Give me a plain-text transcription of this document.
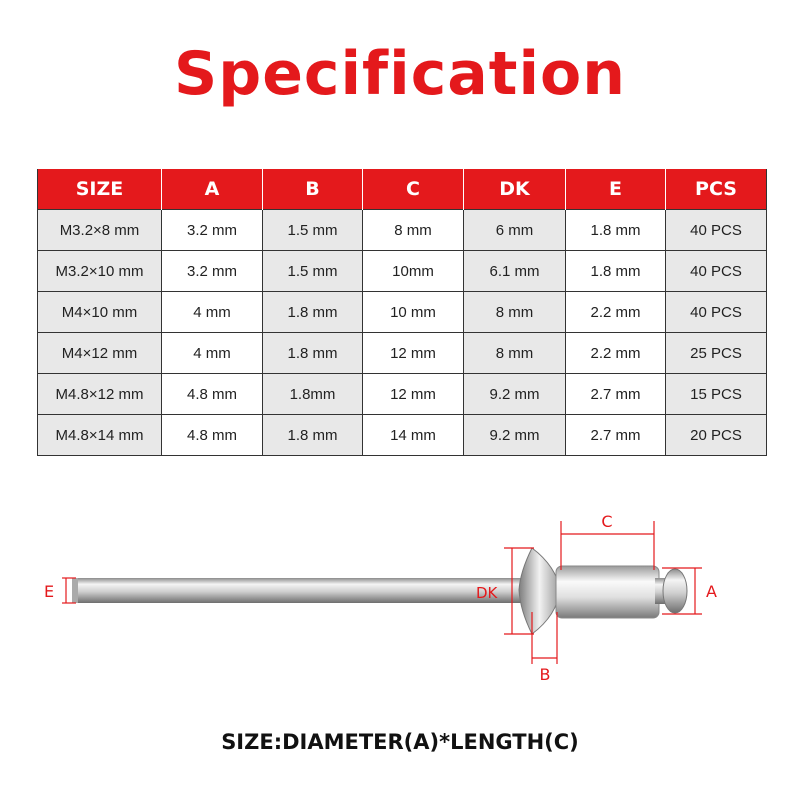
Specification
SIZE	A	B	C	DK	E	PCS
M3.2×8 mm	3.2 mm	1.5 mm	8 mm	6 mm	1.8 mm	40 PCS
M3.2×10 mm	3.2 mm	1.5 mm	10mm	6.1 mm	1.8 mm	40 PCS
M4×10 mm	4 mm	1.8 mm	10 mm	8 mm	2.2 mm	40 PCS
M4×12 mm	4 mm	1.8 mm	12 mm	8 mm	2.2 mm	25 PCS
M4.8×12 mm	4.8 mm	1.8mm	12 mm	9.2 mm	2.7 mm	15 PCS
M4.8×14 mm	4.8 mm	1.8 mm	14 mm	9.2 mm	2.7 mm	20 PCS
C
A
DK
B
E
SIZE:DIAMETER(A)*LENGTH(C)
